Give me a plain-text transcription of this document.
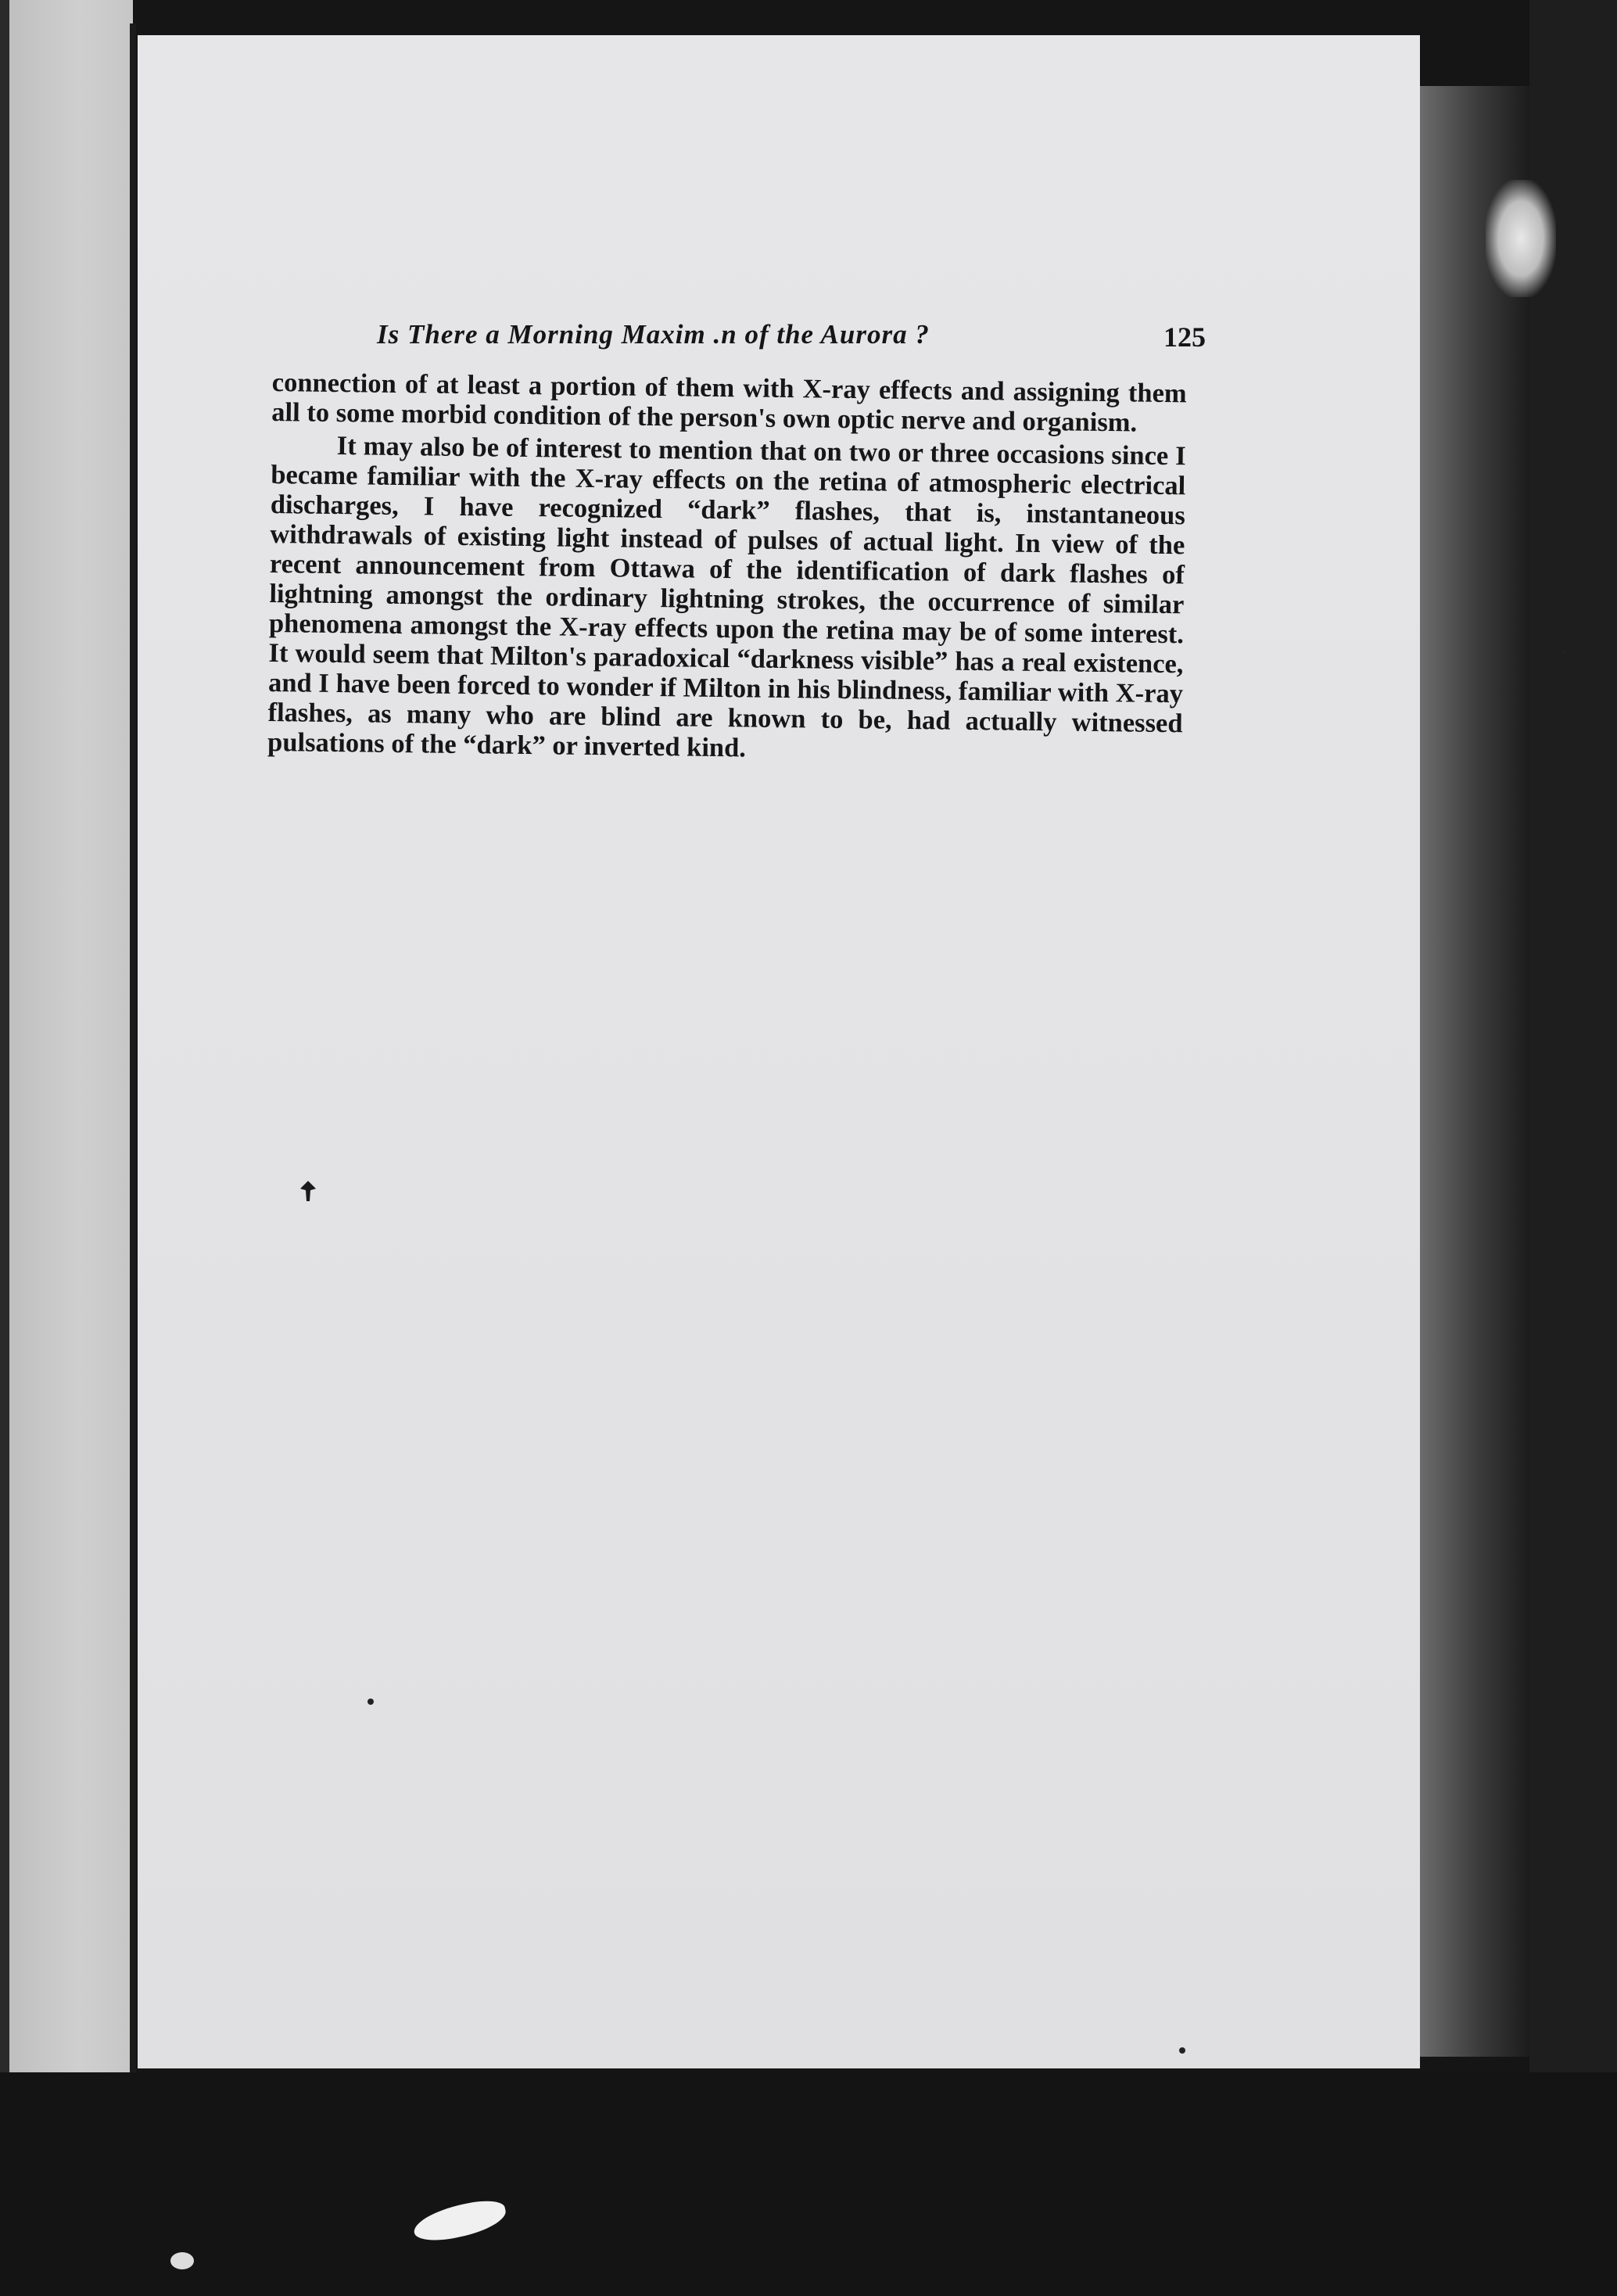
Is There a Morning Maxim .n of the Aurora ?	125

connection of at least a portion of them with X-ray effects and assigning them all to some morbid condition of the person's own optic nerve and organism.

It may also be of interest to mention that on two or three occasions since I became familiar with the X-ray effects on the retina of atmospheric electrical discharges, I have recognized “dark” flashes, that is, instantaneous withdrawals of existing light instead of pulses of actual light. In view of the recent announcement from Ottawa of the identification of dark flashes of lightning amongst the ordinary lightning strokes, the occurrence of similar phenomena amongst the X-ray effects upon the retina may be of some interest. It would seem that Milton's paradoxical “darkness visible” has a real existence, and I have been forced to wonder if Milton in his blindness, familiar with X-ray flashes, as many who are blind are known to be, had actually witnessed pulsations of the “dark” or inverted kind.
